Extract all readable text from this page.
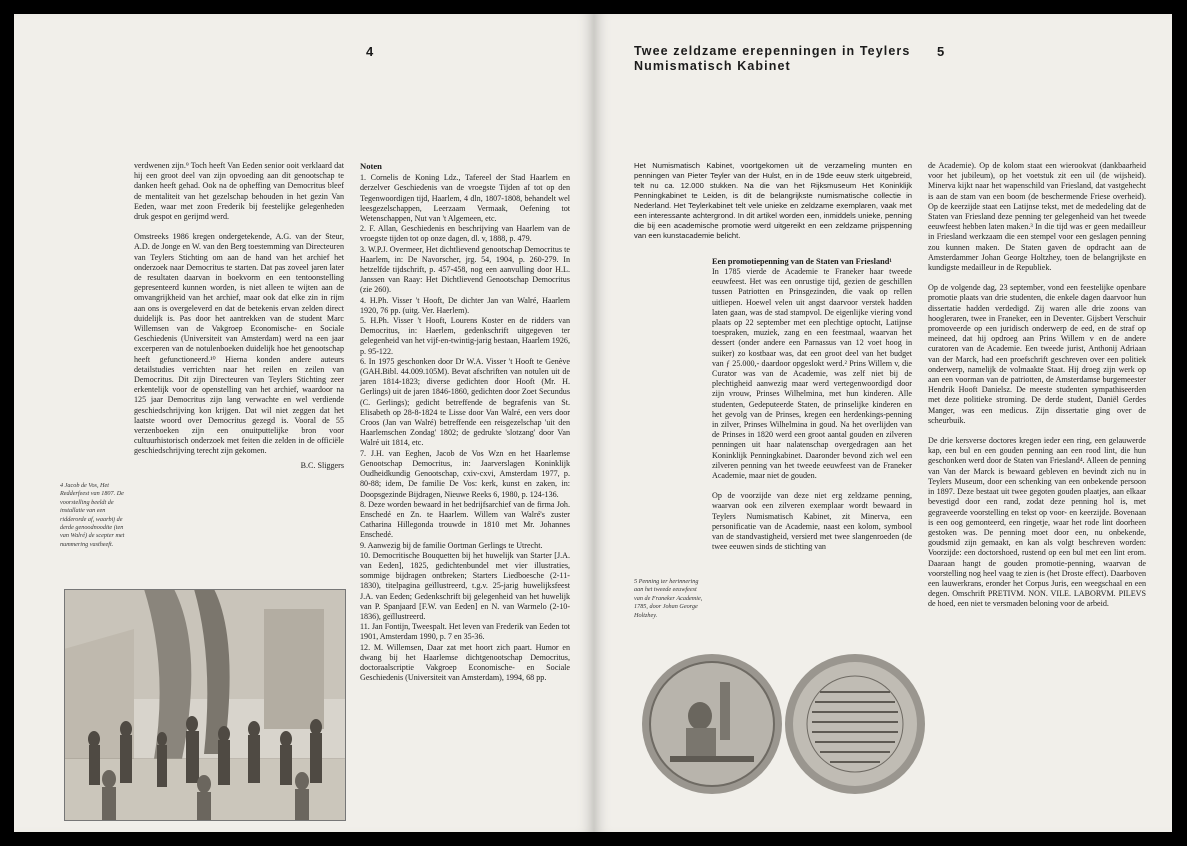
4

verdwenen zijn.⁹ Toch heeft Van Eeden senior ooit verklaard dat hij een groot deel van zijn opvoeding aan dit genootschap te danken heeft gehad. Ook na de opheffing van Democritus bleef de mentaliteit van het gezelschap behouden in het gezin Van Eeden, waar met zoon Frederik bij feestelijke gelegenheden druk gespot en gerijmd werd.

Omstreeks 1986 kregen ondergetekende, A.G. van der Steur, A.D. de Jonge en W. van den Berg toestemming van Directeuren van Teylers Stichting om aan de hand van het archief het onderzoek naar Democritus te starten. Dat pas zoveel jaren later de resultaten daarvan in boekvorm en een tentoonstelling gepresenteerd kunnen worden, is niet alleen te wijten aan de omvangrijkheid van het archief, maar ook dat elke zin in rijm aan ons is overgeleverd en dat de betekenis ervan zelden direct duidelijk is. Pas door het aantrekken van de student Marc Willemsen van de Vakgroep Economische- en Sociale Geschiedenis (Universiteit van Amsterdam) werd na een jaar excerperen van de notulenboeken duidelijk hoe het genootschap heeft gefunctioneerd.¹⁰ Hierna konden andere auteurs detailstudies verrichten naar het reilen en zeilen van Democritus. Dit zijn Directeuren van Teylers Stichting zeer erkentelijk voor de openstelling van het archief, waardoor na 125 jaar Democritus zijn lang verwachte en wel verdiende geschiedschrijving kon krijgen. Dat wil niet zeggen dat het laatste woord over Democritus gezegd is. Vooral de 55 verzenboeken zijn een onuitputtelijke bron voor cultuurhistorisch onderzoek met feiten die zelden in de officiële geschiedschrijving terecht zijn gekomen.

B.C. Sliggers
4 Jacob de Vos, Het Redderfeest van 1807. De voorstelling beeldt de installatie van een ridderorde af, waarbij de derde genoodnoodite (ten van Walré) de scepter met nummering vastheeft.
Noten

1. Cornelis de Koning Ldz., Tafereel der Stad Haarlem en derzelver Geschiedenis van de vroegste Tijden af tot op den Tegenwoordigen tijd, Haarlem, 4 dln, 1807-1808, behandelt wel leesgezelschappen, Leerzaam Vermaak, Oefening tot Wetenschappen, Nut van 't Algemeen, etc.

2. F. Allan, Geschiedenis en beschrijving van Haarlem van de vroegste tijden tot op onze dagen, dl. v, 1888, p. 479.

3. W.P.J. Overmeer, Het dichtlievend genootschap Democritus te Haarlem, in: De Navorscher, jrg. 54, 1904, p. 260-279. In hetzelfde tijdschrift, p. 457-458, nog een aanvulling door H.L. Janssen van Raay: Het Dichtlievend Genootschap Democritus (zie 260).

4. H.Ph. Visser 't Hooft, De dichter Jan van Walré, Haarlem 1920, 76 pp. (uitg. Ver. Haerlem).

5. H.Ph. Visser 't Hooft, Lourens Koster en de ridders van Democritus, in: Haerlem, gedenkschrift uitgegeven ter gelegenheid van het vijf-en-twintig-jarig bestaan, Haarlem 1926, p. 95-122.

6. In 1975 geschonken door Dr W.A. Visser 't Hooft te Genève (GAH.Bibl. 44.009.105M). Bevat afschriften van notulen uit de jaren 1814-1823; diverse gedichten door Hooft (Mr. H. Gerlings) uit de jaren 1846-1860, gedichten door Zoet Secundus (C. Gerlings); gedicht betreffende de begrafenis van St. Elisabeth op 28-8-1824 te Lisse door Van Walré, een vers door Croos (Jan van Walré) betreffende een reisgezelschap 'uit den Haarlemschen Zondag' 1802; de gedrukte 'slotzang' door Van Walré uit 1814, etc.

7. J.H. van Eeghen, Jacob de Vos Wzn en het Haarlemse Genootschap Democritus, in: Jaarverslagen Koninklijk Oudheidkundig Genootschap, cxiv-cxvi, Amsterdam 1977, p. 80-88; idem, De familie De Vos: kerk, kunst en zaken, in: Doopsgezinde Bijdragen, Nieuwe Reeks 6, 1980, p. 124-136.

8. Deze worden bewaard in het bedrijfsarchief van de firma Joh. Enschedé en Zn. te Haarlem. Willem van Walré's zuster Catharina Hillegonda trouwde in 1810 met Mr. Johannes Enschedé.

9. Aanwezig bij de familie Oortman Gerlings te Utrecht.

10. Democritische Bouquetten bij het huwelijk van Starter [J.A. van Eeden], 1825, gedichtenbundel met vier illustraties, sommige bijdragen ontbreken; Starters Liedboesche (2-11-1830), titelpagina geïllustreerd, t.g.v. 25-jarig huwelijksfeest J.A. van Eeden; Gedenkschrift bij gelegenheid van het huwelijk van P. Spanjaard [F.W. van Eeden] en N. van Warmelo (2-10-1836), geïllustreerd.

11. Jan Fontijn, Tweespalt. Het leven van Frederik van Eeden tot 1901, Amsterdam 1990, p. 7 en 35-36.

12. M. Willemsen, Daar zat met hoort zich paart. Humor en dwang bij het Haarlemse dichtgenootschap Democritus, doctoraalscriptie Vakgroep Economische- en Sociale Geschiedenis (Universiteit van Amsterdam), 1994, 68 pp.

Twee zeldzame erepenningen in Teylers
Numismatisch Kabinet
5

Het Numismatisch Kabinet, voortgekomen uit de verzameling munten en penningen van Pieter Teyler van der Hulst, en in de 19de eeuw sterk uitgebreid, telt nu ca. 12.000 stukken. Na die van het Rijksmuseum Het Koninklijk Penningkabinet te Leiden, is dit de belangrijkste numismatische collectie in Nederland. Het Teylerkabinet telt vele unieke en zeldzame exemplaren, vaak met een interessante achtergrond. In dit artikel worden een, inmiddels unieke, penning die bij een academische promotie werd uitgereikt en een zeldzame prijspenning van een kunstacademie belicht.

Een promotiepenning van de Staten van Friesland¹

In 1785 vierde de Academie te Franeker haar tweede eeuwfeest. Het was een onrustige tijd, gezien de geschillen tussen Patriotten en Prinsgezinden, die vaak op rellen uitliepen. Hoewel velen uit angst daarvoor verstek hadden laten gaan, was de stad stampvol. De eigenlijke viering vond plaats op 22 september met een plechtige optocht, Latijnse toespraken, muziek, zang en een feestmaal, waarvan het dessert (onder andere een Parnassus van 12 voet hoog in suiker) zo kostbaar was, dat een groot deel van het budget van ƒ 25.000,- daardoor opgeslokt werd.² Prins Willem v, die Curator was van de Academie, was zelf niet bij de plechtigheid aanwezig maar werd vertegenwoordigd door zijn vrouw, Prinses Wilhelmina, met hun kinderen. Alle studenten, Gedeputeerde Staten, de prinselijke kinderen en het gevolg van de Prinses, kregen een herdenkings-penning in zilver, Prinses Wilhelmina in goud. Na het overlijden van de Prinses in 1820 werd een groot aantal gouden en zilveren penningen uit haar nalatenschap overgedragen aan het Koninklijk Penningkabinet. Daaronder bevond zich wel een zilveren penning van het tweede eeuwfeest van de Franeker Academie, maar niet de gouden.

Op de voorzijde van deze niet erg zeldzame penning, waarvan ook een zilveren exemplaar wordt bewaard in Teylers Numismatisch Kabinet, zit Minerva, een personificatie van de Academie, naast een kolom, symbool van de standvastigheid, versierd met twee slangenroeden (de twee eeuwen sinds de stichting van

5 Penning ter herinnering aan het tweede eeuwfeest van de Franeker Academie, 1785, door Johan George Holtzhey.

de Academie). Op de kolom staat een wierookvat (dankbaarheid voor het jubileum), op het voetstuk zit een uil (de wijsheid). Minerva kijkt naar het wapenschild van Friesland, dat vastgehecht is aan de stam van een boom (de beschermende Friese overheid). Op de keerzijde staat een Latijnse tekst, met de mededeling dat de Staten van Friesland deze penning ter gelegenheid van het tweede eeuwfeest hebben laten maken.³ In die tijd was er geen medailleur in Friesland werkzaam die een stempel voor een geslagen penning zou kunnen maken. De Staten gaven de opdracht aan de Amsterdammer Johan George Holtzhey, toen de belangrijkste en kundigste medailleur in de Republiek.

Op de volgende dag, 23 september, vond een feestelijke openbare promotie plaats van drie studenten, die enkele dagen daarvoor hun dissertatie hadden verdedigd. Zij waren alle drie zoons van hoogleraren, twee in Franeker, een in Deventer. Gijsbert Verschuir promoveerde op een juridisch onderwerp de eed, en de straf op meineed, dat hij opdroeg aan Prins Willem v en de andere curatoren van de Academie. Een tweede jurist, Anthonij Adriaan van der Marck, had een proefschrift geschreven over een politiek onderwerp, namelijk de volmaakte Staat. Hij droeg zijn werk op aan een voorman van de patriotten, de Amsterdamse burgemeester Hendrik Hooft Danielsz. De meeste studenten sympathiseerden met deze politieke stroming. De derde student, Daniël Gerdes Manger, was een medicus. Zijn dissertatie ging over de scheurbuik.

De drie kersverse doctores kregen ieder een ring, een gelauwerde kap, een bul en een gouden penning aan een rood lint, die hun geschonken werd door de Staten van Friesland⁴. Alleen de penning van Van der Marck is bewaard gebleven en bevindt zich nu in Teylers Museum, door een schenking van een onbekende persoon in 1897. Deze bestaat uit twee gegoten gouden plaatjes, aan elkaar bevestigd door een rand, zodat deze penning hol is, met gegraveerde voorstelling en tekst op voor- en keerzijde. Bovenaan is een oog gemonteerd, een ringetje, waar het rode lint doorheen gestoken was. De penning moet door een, nu onbekende, goudsmid zijn gemaakt, en kan als volgt beschreven worden: Voorzijde: een doctorshoed, rustend op een bul met een lint erom. Daaraan hangt de gouden promotie-penning, waarvan de voorstelling nog heel vaag te zien is (het Droste effect). Daarboven een lauwerkrans, eronder het Corpus Juris, een weegschaal en een degen. Omschrift PRETIVM. NON. VILE. LABORVM. PILEVS de hoed, een niet te versmaden beloning voor de arbeid.
